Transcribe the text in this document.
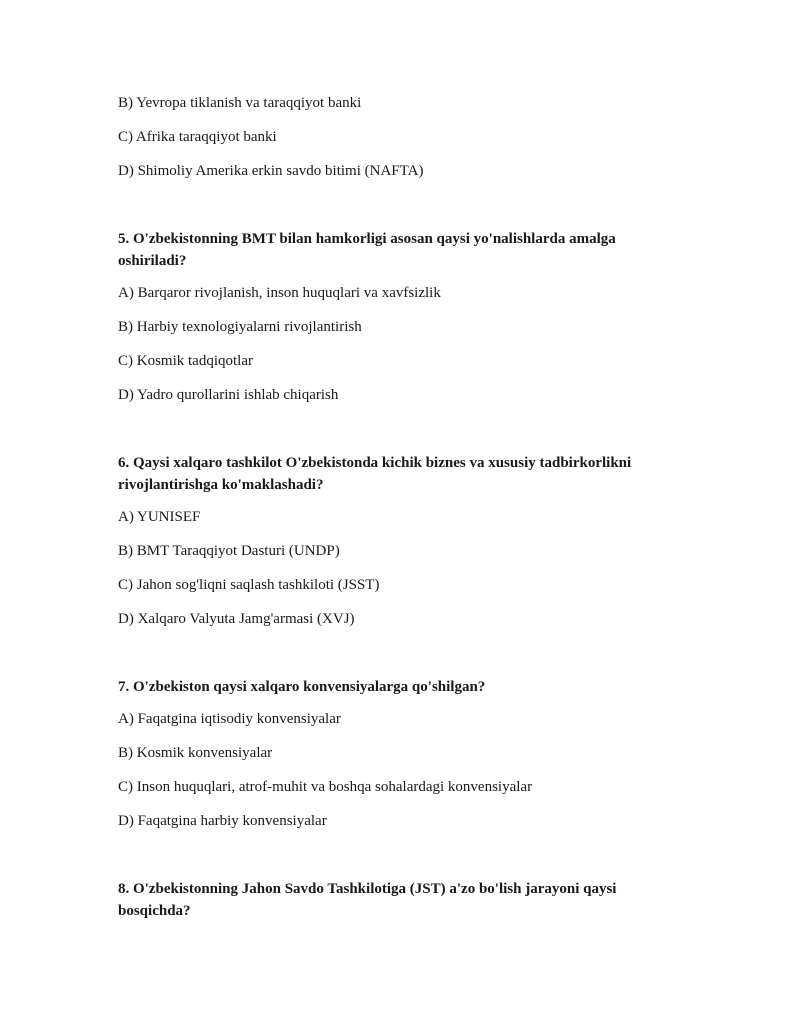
B) Yevropa tiklanish va taraqqiyot banki
C) Afrika taraqqiyot banki
D) Shimoliy Amerika erkin savdo bitimi (NAFTA)
5. O'zbekistonning BMT bilan hamkorligi asosan qaysi yo'nalishlarda amalga oshiriladi?
A) Barqaror rivojlanish, inson huquqlari va xavfsizlik
B) Harbiy texnologiyalarni rivojlantirish
C) Kosmik tadqiqotlar
D) Yadro qurollarini ishlab chiqarish
6. Qaysi xalqaro tashkilot O'zbekistonda kichik biznes va xususiy tadbirkorlikni rivojlantirishga ko'maklashadi?
A) YUNISEF
B) BMT Taraqqiyot Dasturi (UNDP)
C) Jahon sog'liqni saqlash tashkiloti (JSST)
D) Xalqaro Valyuta Jamg'armasi (XVJ)
7. O'zbekiston qaysi xalqaro konvensiyalarga qo'shilgan?
A) Faqatgina iqtisodiy konvensiyalar
B) Kosmik konvensiyalar
C) Inson huquqlari, atrof-muhit va boshqa sohalardagi konvensiyalar
D) Faqatgina harbiy konvensiyalar
8. O'zbekistonning Jahon Savdo Tashkilotiga (JST) a'zo bo'lish jarayoni qaysi bosqichda?
